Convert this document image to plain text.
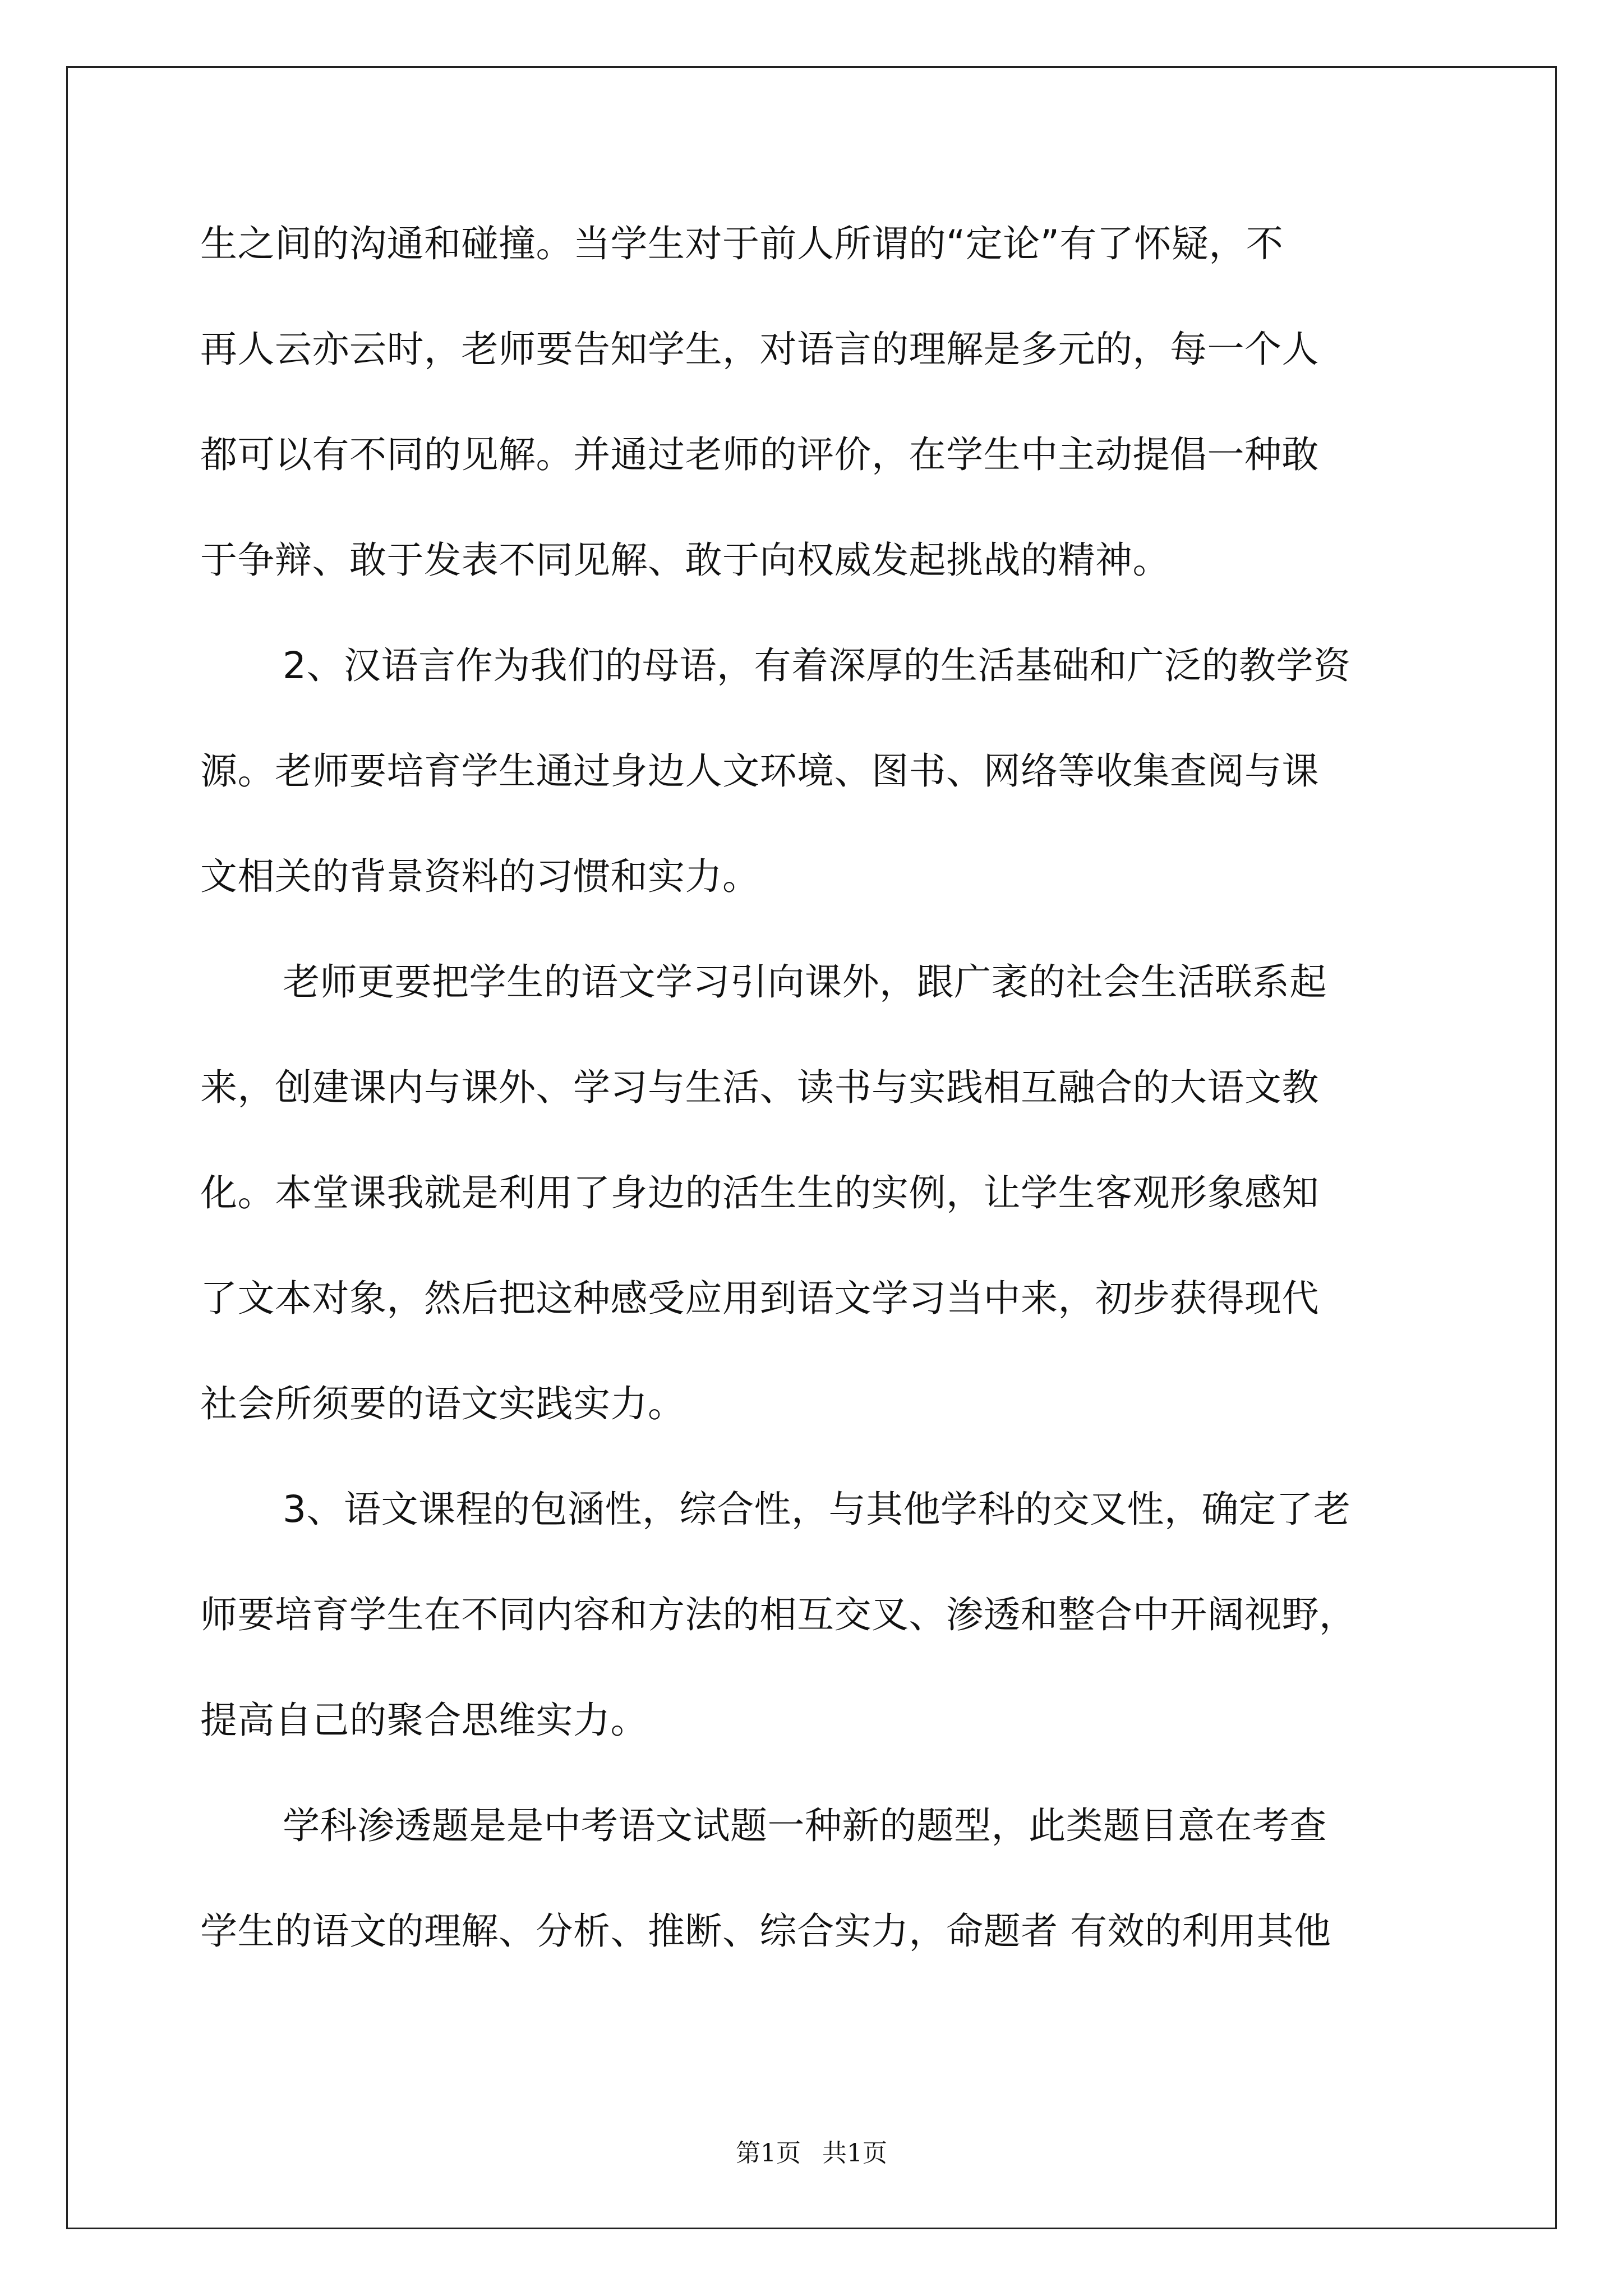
生之间的沟通和碰撞。当学生对于前人所谓的“定论”有了怀疑，不
再人云亦云时，老师要告知学生，对语言的理解是多元的，每一个人
都可以有不同的见解。并通过老师的评价，在学生中主动提倡一种敢
于争辩、敢于发表不同见解、敢于向权威发起挑战的精神。
2、汉语言作为我们的母语，有着深厚的生活基础和广泛的教学资
源。老师要培育学生通过身边人文环境、图书、网络等收集查阅与课
文相关的背景资料的习惯和实力。
老师更要把学生的语文学习引向课外，跟广袤的社会生活联系起
来，创建课内与课外、学习与生活、读书与实践相互融合的大语文教
化。本堂课我就是利用了身边的活生生的实例，让学生客观形象感知
了文本对象，然后把这种感受应用到语文学习当中来，初步获得现代
社会所须要的语文实践实力。
3、语文课程的包涵性，综合性，与其他学科的交叉性，确定了老
师要培育学生在不同内容和方法的相互交叉、渗透和整合中开阔视野，
提高自己的聚合思维实力。
学科渗透题是是中考语文试题一种新的题型，此类题目意在考查
学生的语文的理解、分析、推断、综合实力，命题者 有效的利用其他
第1页 共1页
